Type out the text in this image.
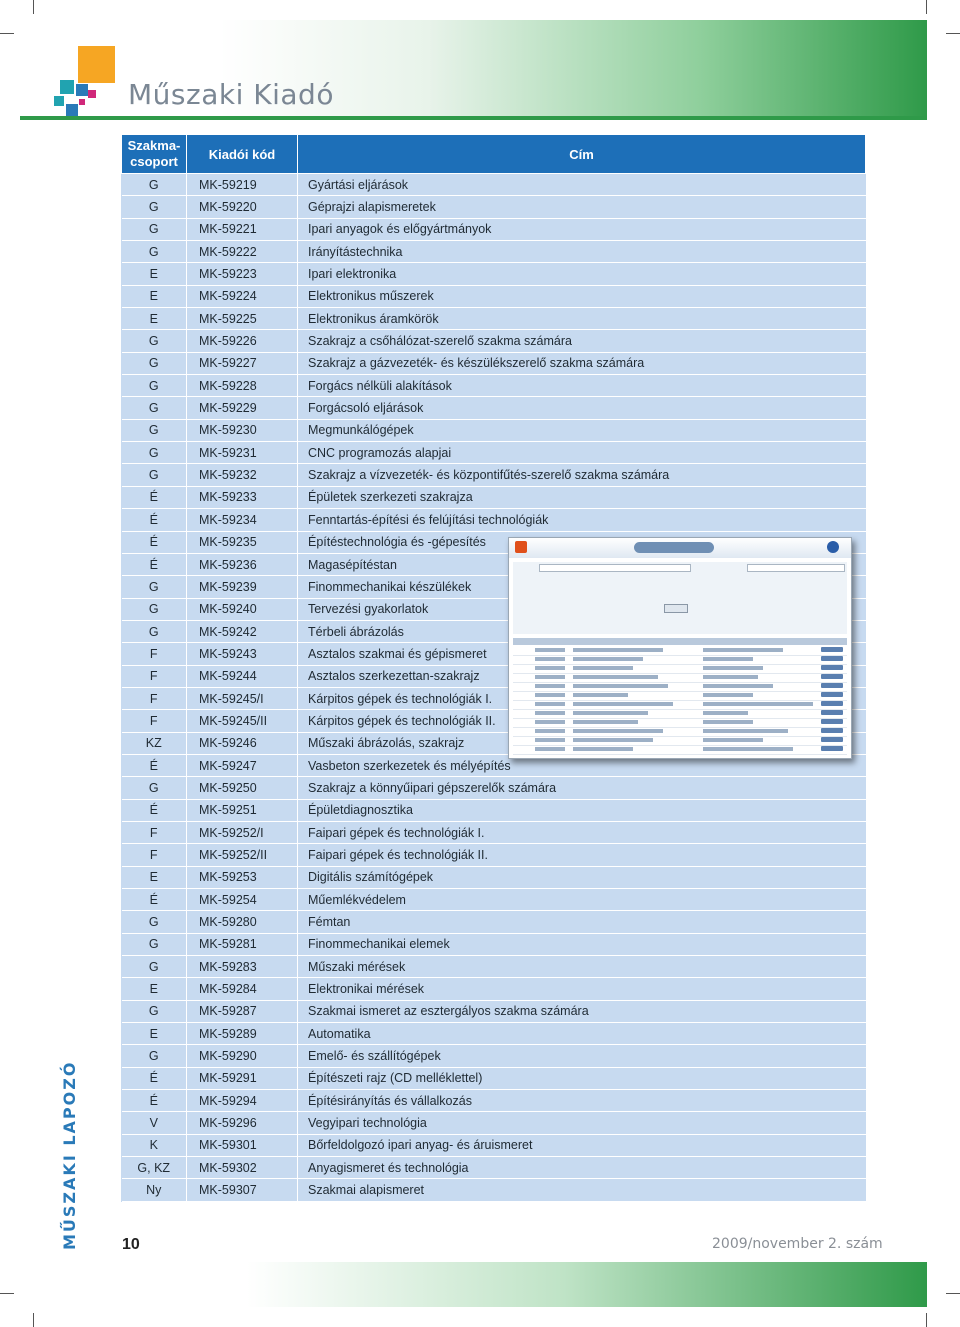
Műszaki Kiadó
MŰSZAKI LAPOZÓ
Szakma-
csoport	Kiadói kód	Cím
G	MK-59219	Gyártási eljárások
G	MK-59220	Géprajzi alapismeretek
G	MK-59221	Ipari anyagok és előgyártmányok
G	MK-59222	Irányítástechnika
E	MK-59223	Ipari elektronika
E	MK-59224	Elektronikus műszerek
E	MK-59225	Elektronikus áramkörök
G	MK-59226	Szakrajz a csőhálózat-szerelő szakma számára
G	MK-59227	Szakrajz a gázvezeték- és készülékszerelő szakma számára
G	MK-59228	Forgács nélküli alakítások
G	MK-59229	Forgácsoló eljárások
G	MK-59230	Megmunkálógépek
G	MK-59231	CNC programozás alapjai
G	MK-59232	Szakrajz a vízvezeték- és központifűtés-szerelő szakma számára
É	MK-59233	Épületek szerkezeti szakrajza
É	MK-59234	Fenntartás-építési és felújítási technológiák
É	MK-59235	Építéstechnológia és -gépesítés
É	MK-59236	Magasépítéstan
G	MK-59239	Finommechanikai készülékek
G	MK-59240	Tervezési gyakorlatok
G	MK-59242	Térbeli ábrázolás
F	MK-59243	Asztalos szakmai és gépismeret
F	MK-59244	Asztalos szerkezettan-szakrajz
F	MK-59245/I	Kárpitos gépek és technológiák I.
F	MK-59245/II	Kárpitos gépek és technológiák II.
KZ	MK-59246	Műszaki ábrázolás, szakrajz
É	MK-59247	Vasbeton szerkezetek és mélyépítés
G	MK-59250	Szakrajz a könnyűipari gépszerelők számára
É	MK-59251	Épületdiagnosztika
F	MK-59252/I	Faipari gépek és technológiák I.
F	MK-59252/II	Faipari gépek és technológiák II.
E	MK-59253	Digitális számítógépek
É	MK-59254	Műemlékvédelem
G	MK-59280	Fémtan
G	MK-59281	Finommechanikai elemek
G	MK-59283	Műszaki mérések
E	MK-59284	Elektronikai mérések
G	MK-59287	Szakmai ismeret az esztergályos szakma számára
E	MK-59289	Automatika
G	MK-59290	Emelő- és szállítógépek
É	MK-59291	Építészeti rajz (CD melléklettel)
É	MK-59294	Építésirányítás és vállalkozás
V	MK-59296	Vegyipari technológia
K	MK-59301	Bőrfeldolgozó ipari anyag- és áruismeret
G, KZ	MK-59302	Anyagismeret és technológia
Ny	MK-59307	Szakmai alapismeret
10	2009/november 2. szám
